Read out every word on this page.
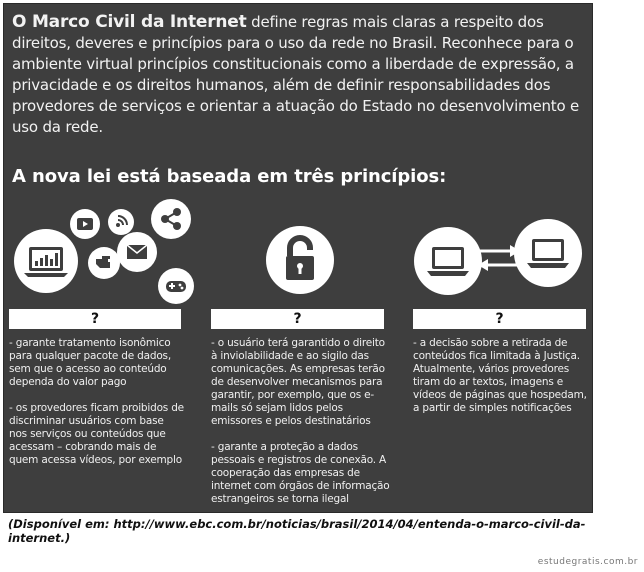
O Marco Civil da Internet define regras mais claras a respeito dos direitos, deveres e princípios para o uso da rede no Brasil. Reconhece para o ambiente virtual princípios constitucionais como a liberdade de expressão, a privacidade e os direitos humanos, além de definir responsabilidades dos provedores de serviços e orientar a atuação do Estado no desenvolvimento e uso da rede.
A nova lei está baseada em três princípios:
?	?	?

- garante tratamento isonômico para qualquer pacote de dados, sem que o acesso ao conteúdo dependa do valor pago

- os provedores ficam proibidos de discriminar usuários com base nos serviços ou conteúdos que acessam – cobrando mais de quem acessa vídeos, por exemplo

- o usuário terá garantido o direito à inviolabilidade e ao sigilo das comunicações. As empresas terão de desenvolver mecanismos para garantir, por exemplo, que os e-mails só sejam lidos pelos emissores e pelos destinatários

- garante a proteção a dados pessoais e registros de conexão. A cooperação das empresas de internet com órgãos de informação estrangeiros se torna ilegal

- a decisão sobre a retirada de conteúdos fica limitada à Justiça. Atualmente, vários provedores tiram do ar textos, imagens e vídeos de páginas que hospedam, a partir de simples notificações

(Disponível em: http://www.ebc.com.br/noticias/brasil/2014/04/entenda-o-marco-civil-da-internet.)
estudegratis.com.br
